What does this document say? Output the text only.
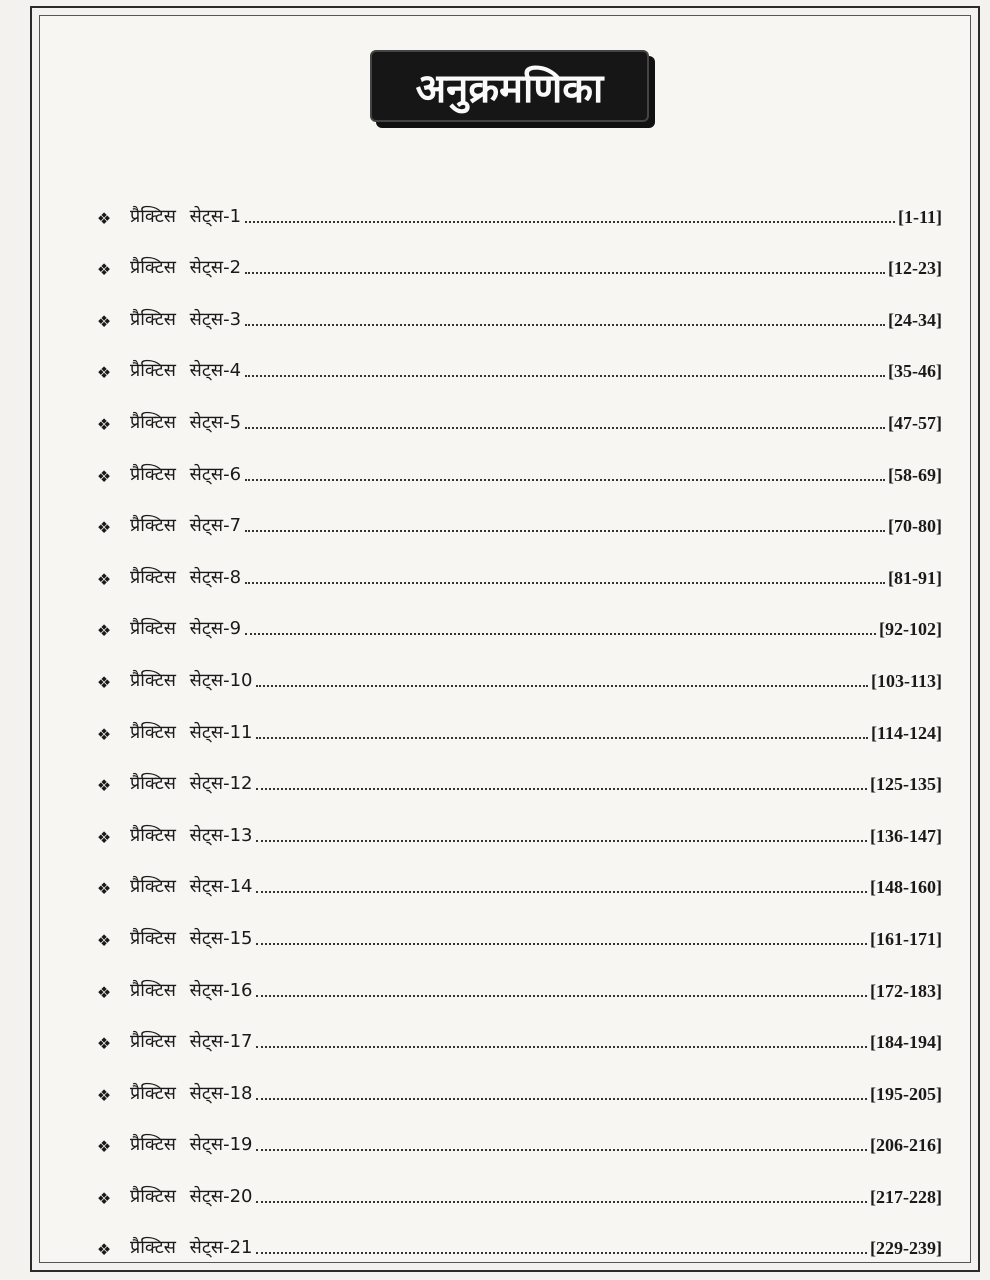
अनुक्रमणिका
❖	प्रैक्टिस सेट्स-1	[1-11]
❖	प्रैक्टिस सेट्स-2	[12-23]
❖	प्रैक्टिस सेट्स-3	[24-34]
❖	प्रैक्टिस सेट्स-4	[35-46]
❖	प्रैक्टिस सेट्स-5	[47-57]
❖	प्रैक्टिस सेट्स-6	[58-69]
❖	प्रैक्टिस सेट्स-7	[70-80]
❖	प्रैक्टिस सेट्स-8	[81-91]
❖	प्रैक्टिस सेट्स-9	[92-102]
❖	प्रैक्टिस सेट्स-10	[103-113]
❖	प्रैक्टिस सेट्स-11	[114-124]
❖	प्रैक्टिस सेट्स-12	[125-135]
❖	प्रैक्टिस सेट्स-13	[136-147]
❖	प्रैक्टिस सेट्स-14	[148-160]
❖	प्रैक्टिस सेट्स-15	[161-171]
❖	प्रैक्टिस सेट्स-16	[172-183]
❖	प्रैक्टिस सेट्स-17	[184-194]
❖	प्रैक्टिस सेट्स-18	[195-205]
❖	प्रैक्टिस सेट्स-19	[206-216]
❖	प्रैक्टिस सेट्स-20	[217-228]
❖	प्रैक्टिस सेट्स-21	[229-239]
